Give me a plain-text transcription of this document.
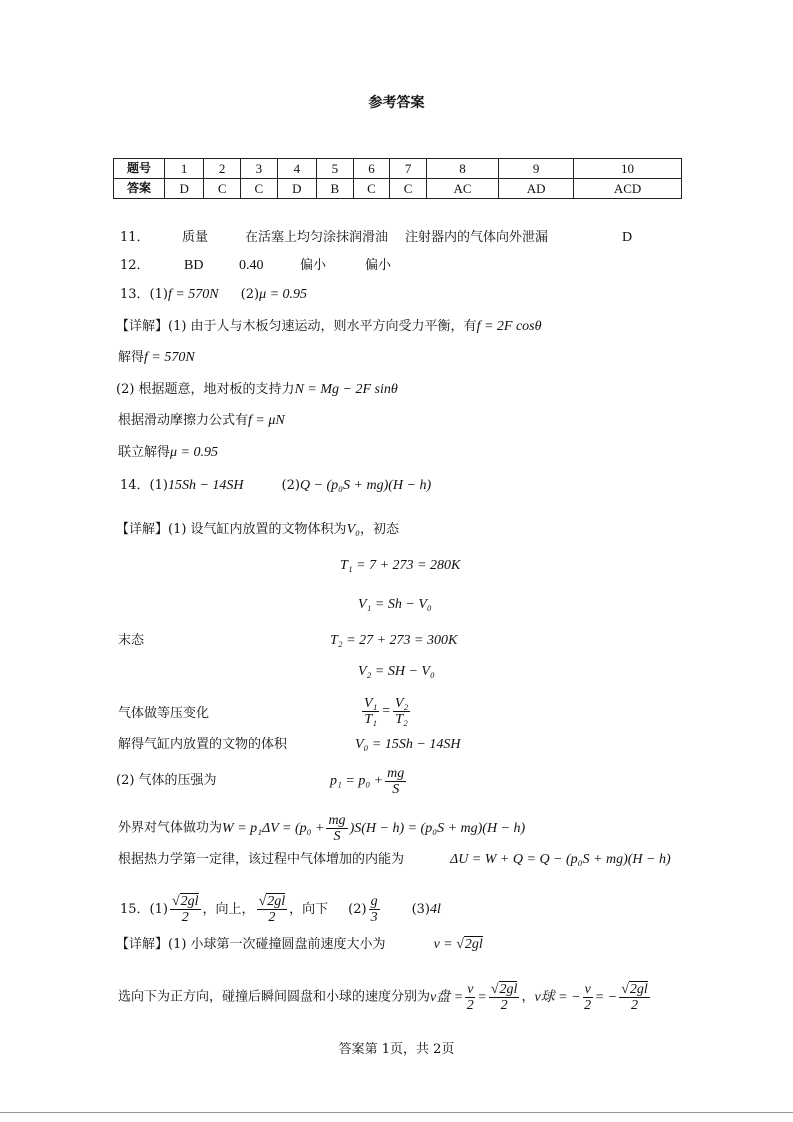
参考答案
题号	1	2	3	4	5	6	7	8	9	10
答案	D	C	C	D	B	C	C	AC	AD	ACD
11． 质量	在活塞上均匀涂抹润滑油 注射器内的气体向外泄漏	D
12． BD	0.40	偏小	偏小
13．(1)f = 570N (2)μ = 0.95
【详解】(1) 由于人与木板匀速运动，则水平方向受力平衡，有f = 2F cosθ
解得f = 570N
(2) 根据题意，地对板的支持力N = Mg − 2F sinθ
根据滑动摩擦力公式有f = μN
联立解得μ = 0.95
14．(1)15Sh − 14SH	(2)Q − (p₀S + mg)(H − h)
【详解】(1) 设气缸内放置的文物体积为V₀，初态
T₁ = 7 + 273 = 280K
V₁ = Sh − V₀
末态	T₂ = 27 + 273 = 300K
V₂ = SH − V₀
气体做等压变化	$\frac{\text{V₁}}{\text{T₁}} = \frac{\text{V₂}}{\text{T₂}}$
解得气缸内放置的文物的体积	V₀ = 15Sh − 14SH
(2) 气体的压强为	$p_1 = p_0 + \frac{mg}{S}$
外界对气体做功为$W = p_1\Delta V = (p_0 + \frac{mg}{S} )S(H - h) = (p_0S + mg)(H - h)$
根据热力学第一定律，该过程中气体增加的内能为	ΔU = W + Q = Q − (p₀S + mg)(H − h)
15．$(1) \frac{√2gl}{2}$ ，向上， $\frac{√2gl}{2}$ ，向下 $(2) \frac{g}{3} (3)4l$
【详解】(1) 小球第一次碰撞圆盘前速度大小为	v = √2gl
选向下为正方向，碰撞后瞬间圆盘和小球的速度分别为v盘 = $\frac{v}{2} = \frac{√2gl}{2}$ ，v球 = − $\frac{v}{2}$ = − $\frac{√2gl}{2}$
答案第 1页，共 2页
